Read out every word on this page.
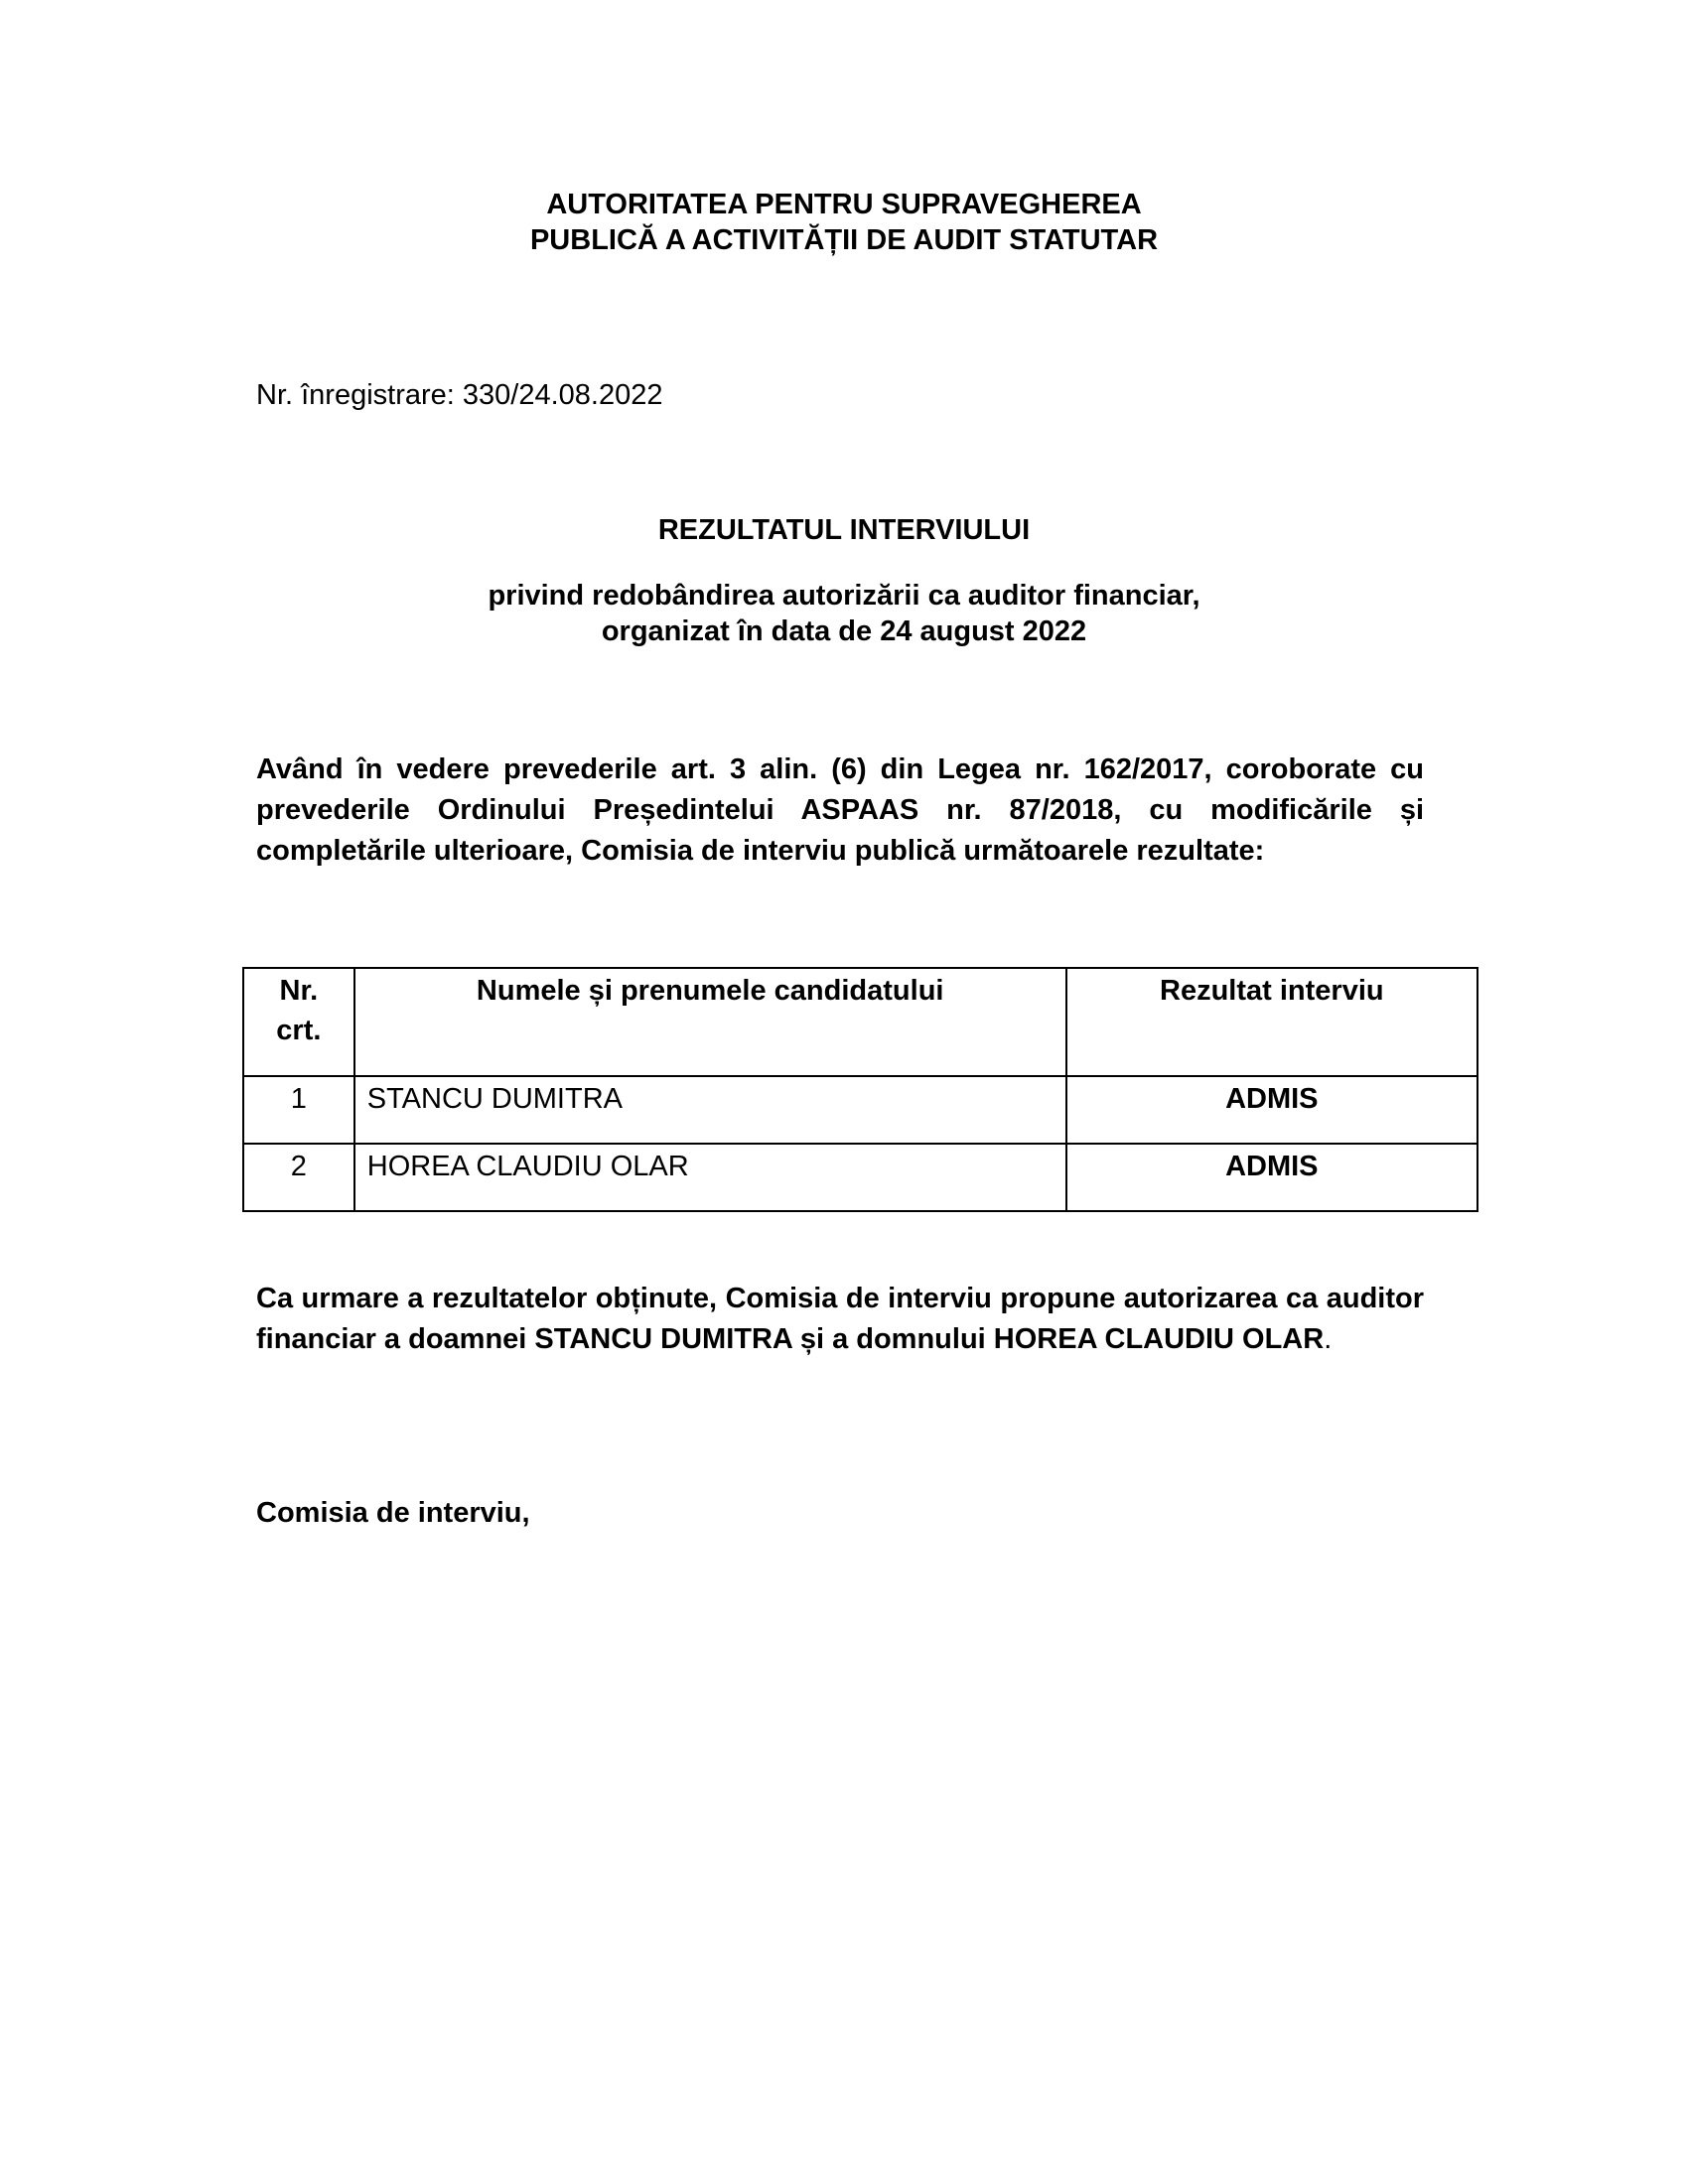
AUTORITATEA PENTRU SUPRAVEGHEREA
PUBLICĂ A ACTIVITĂȚII DE AUDIT STATUTAR
Nr. înregistrare: 330/24.08.2022
REZULTATUL INTERVIULUI
privind redobândirea autorizării ca auditor financiar,
organizat în data de 24 august 2022
Având în vedere prevederile art. 3 alin. (6) din Legea nr. 162/2017, coroborate cu prevederile Ordinului Președintelui ASPAAS nr. 87/2018, cu modificările și completările ulterioare, Comisia de interviu publică următoarele rezultate:
Nr. crt.	Numele și prenumele candidatului	Rezultat interviu
1	STANCU DUMITRA	ADMIS
2	HOREA CLAUDIU OLAR	ADMIS
Ca urmare a rezultatelor obținute, Comisia de interviu propune autorizarea ca auditor financiar a doamnei STANCU DUMITRA și a domnului HOREA CLAUDIU OLAR.
Comisia de interviu,
